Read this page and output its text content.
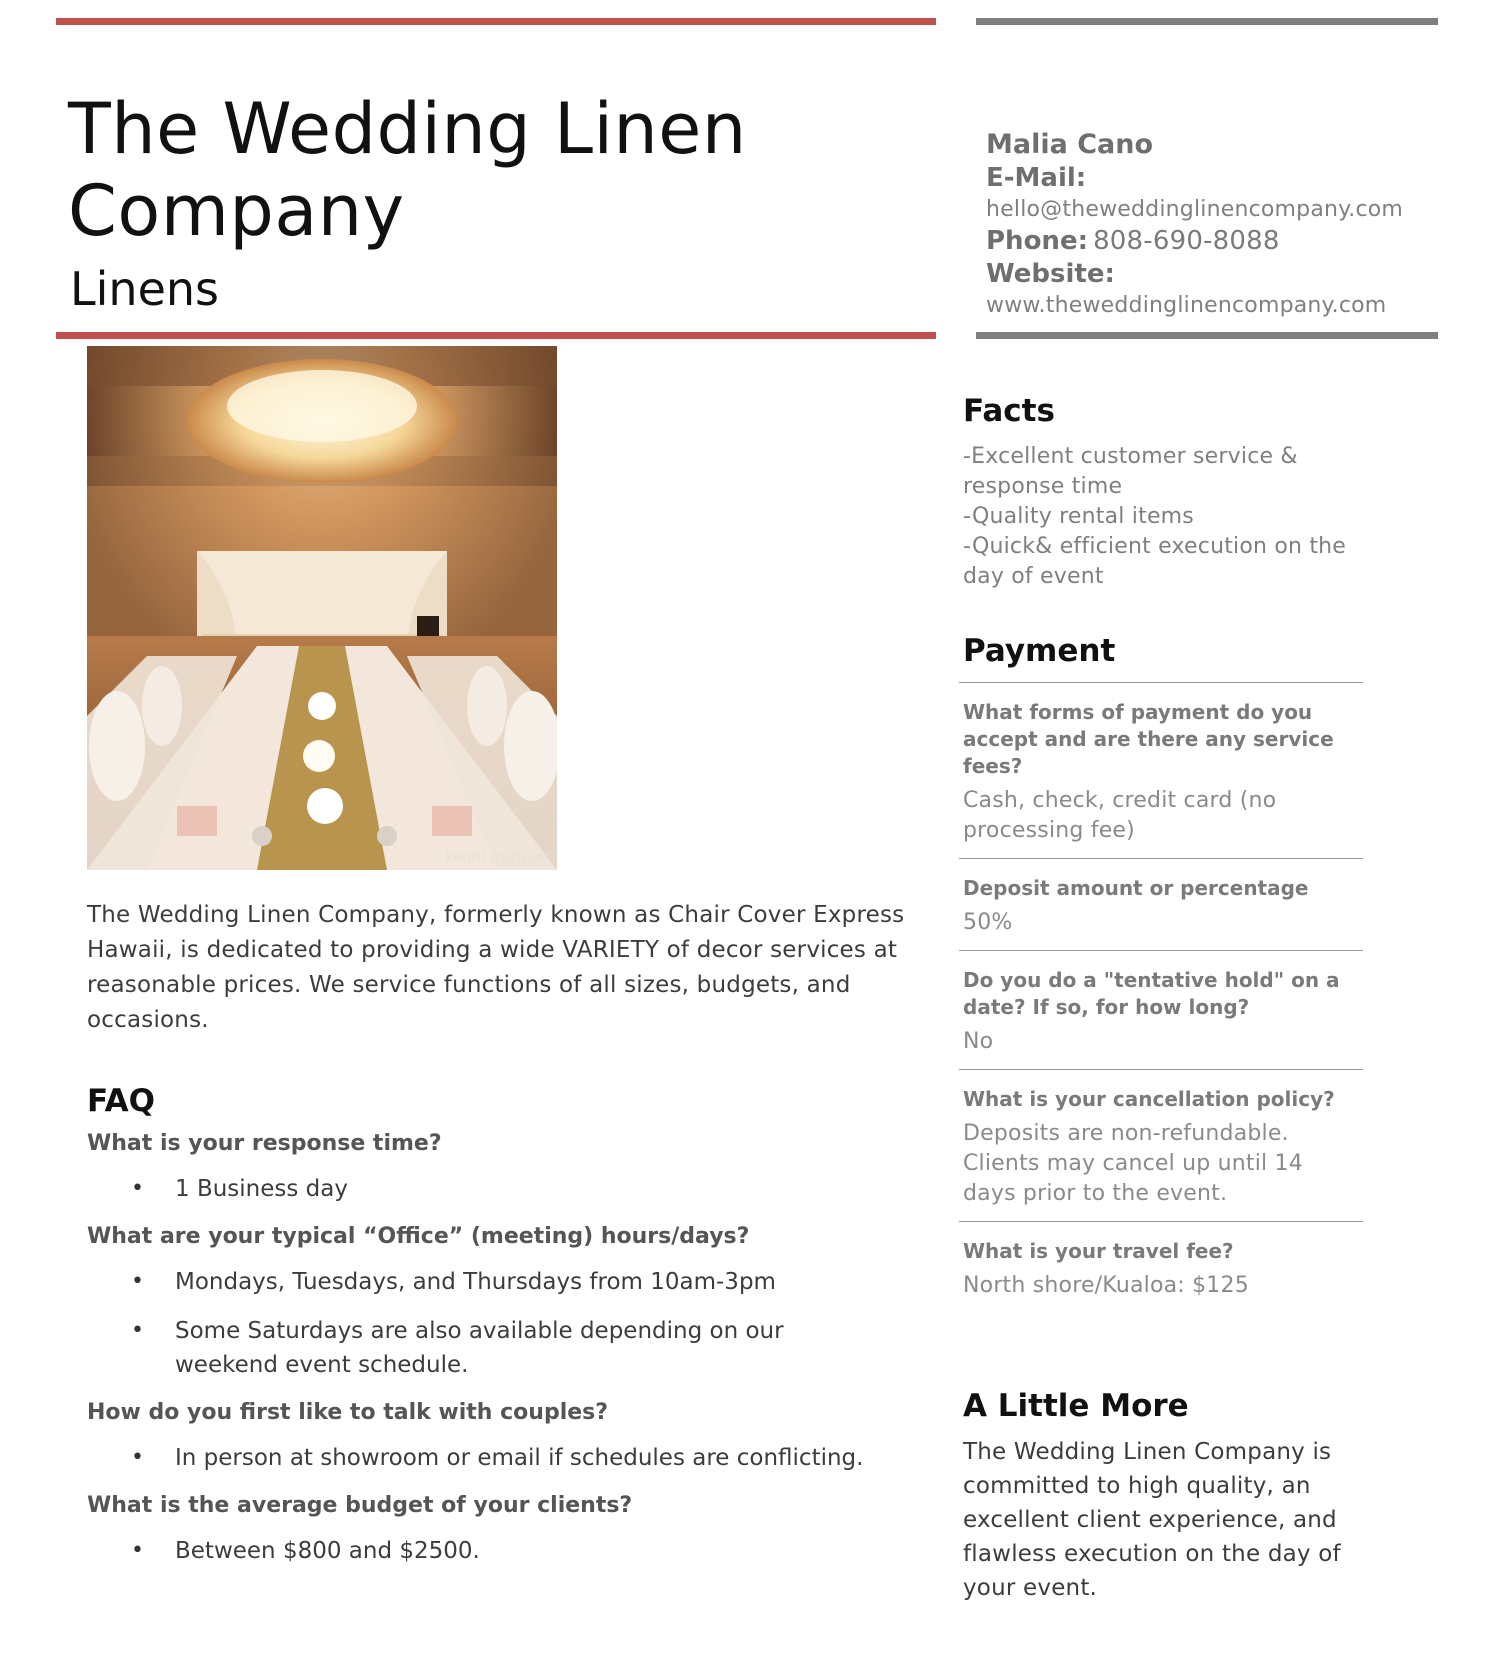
The Wedding Linen Company
Linens
Malia Cano
E-Mail:
hello@theweddinglinencompany.com
Phone: 808-690-8088
Website:
www.theweddinglinencompany.com
keoni michael

The Wedding Linen Company, formerly known as Chair Cover Express Hawaii, is dedicated to providing a wide VARIETY of decor services at reasonable prices. We service functions of all sizes, budgets, and occasions.

FAQ
What is your response time?
• 1 Business day
What are your typical “Office” (meeting) hours/days?
• Mondays, Tuesdays, and Thursdays from 10am-3pm
• Some Saturdays are also available depending on our weekend event schedule.
How do you first like to talk with couples?
• In person at showroom or email if schedules are conflicting.
What is the average budget of your clients?
• Between $800 and $2500.
Facts
-Excellent customer service & response time
-Quality rental items
-Quick& efficient execution on the day of event
Payment
What forms of payment do you accept and are there any service fees?
Cash, check, credit card (no processing fee)
Deposit amount or percentage
50%
Do you do a "tentative hold" on a date? If so, for how long?
No
What is your cancellation policy?
Deposits are non-refundable. Clients may cancel up until 14 days prior to the event.
What is your travel fee?
North shore/Kualoa: $125
A Little More

The Wedding Linen Company is committed to high quality, an excellent client experience, and flawless execution on the day of your event.
